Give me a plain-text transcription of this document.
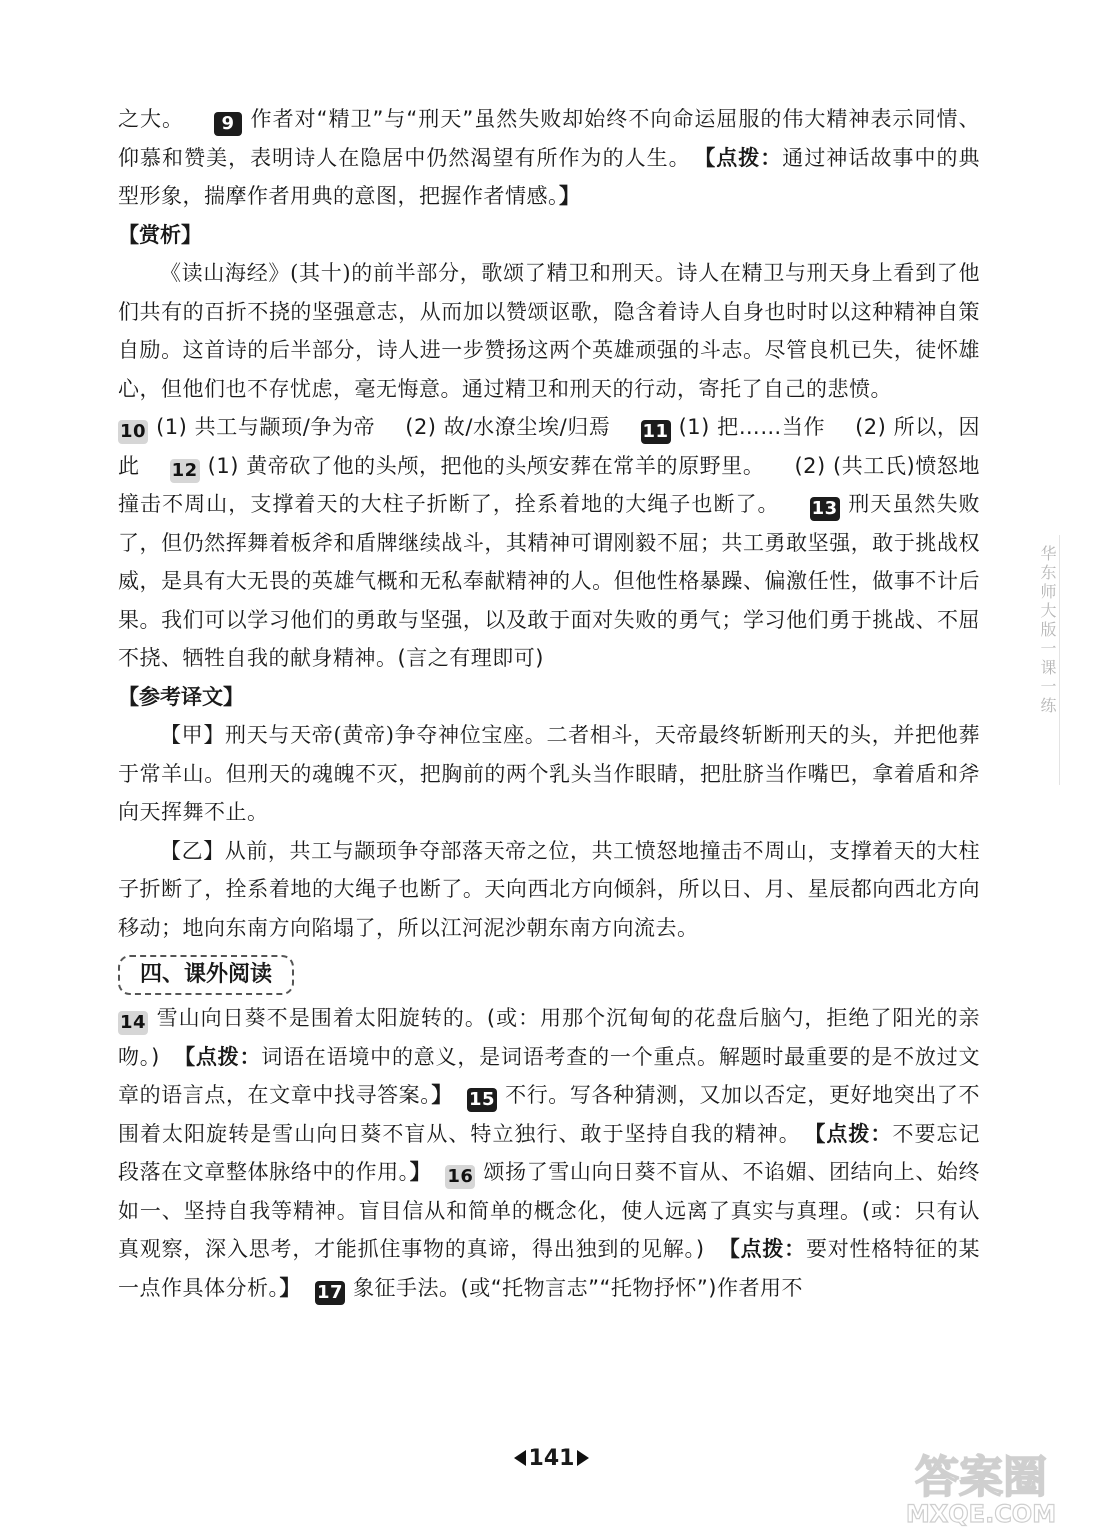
之大。 9 作者对“精卫”与“刑天”虽然失败却始终不向命运屈服的伟大精神表示同情、仰慕和赞美，表明诗人在隐居中仍然渴望有所作为的人生。 【点拨：通过神话故事中的典型形象，揣摩作者用典的意图，把握作者情感。】

【赏析】

《读山海经》(其十)的前半部分，歌颂了精卫和刑天。诗人在精卫与刑天身上看到了他们共有的百折不挠的坚强意志，从而加以赞颂讴歌，隐含着诗人自身也时时以这种精神自策自励。这首诗的后半部分，诗人进一步赞扬这两个英雄顽强的斗志。尽管良机已失，徒怀雄心，但他们也不存忧虑，毫无悔意。通过精卫和刑天的行动，寄托了自己的悲愤。

10 (1) 共工与颛顼/争为帝 (2) 故/水潦尘埃/归焉 11 (1) 把……当作 (2) 所以，因此 12 (1) 黄帝砍了他的头颅，把他的头颅安葬在常羊的原野里。 (2) (共工氏)愤怒地撞击不周山，支撑着天的大柱子折断了，拴系着地的大绳子也断了。 13 刑天虽然失败了，但仍然挥舞着板斧和盾牌继续战斗，其精神可谓刚毅不屈；共工勇敢坚强，敢于挑战权威，是具有大无畏的英雄气概和无私奉献精神的人。但他性格暴躁、偏激任性，做事不计后果。我们可以学习他们的勇敢与坚强，以及敢于面对失败的勇气；学习他们勇于挑战、不屈不挠、牺牲自我的献身精神。(言之有理即可)

【参考译文】

【甲】刑天与天帝(黄帝)争夺神位宝座。二者相斗，天帝最终斩断刑天的头，并把他葬于常羊山。但刑天的魂魄不灭，把胸前的两个乳头当作眼睛，把肚脐当作嘴巴，拿着盾和斧向天挥舞不止。

【乙】从前，共工与颛顼争夺部落天帝之位，共工愤怒地撞击不周山，支撑着天的大柱子折断了，拴系着地的大绳子也断了。天向西北方向倾斜，所以日、月、星辰都向西北方向移动；地向东南方向陷塌了，所以江河泥沙朝东南方向流去。

四、课外阅读

14 雪山向日葵不是围着太阳旋转的。(或：用那个沉甸甸的花盘后脑勺，拒绝了阳光的亲吻。) 【点拨：词语在语境中的意义，是词语考查的一个重点。解题时最重要的是不放过文章的语言点，在文章中找寻答案。】 15 不行。写各种猜测，又加以否定，更好地突出了不围着太阳旋转是雪山向日葵不盲从、特立独行、敢于坚持自我的精神。 【点拨：不要忘记段落在文章整体脉络中的作用。】 16 颂扬了雪山向日葵不盲从、不谄媚、团结向上、始终如一、坚持自我等精神。盲目信从和简单的概念化，使人远离了真实与真理。(或：只有认真观察，深入思考，才能抓住事物的真谛，得出独到的见解。) 【点拨：要对性格特征的某一点作具体分析。】 17 象征手法。(或“托物言志”“托物抒怀”)作者用不

华东师大版一课一练
141	答案圈
MXQE.COM
